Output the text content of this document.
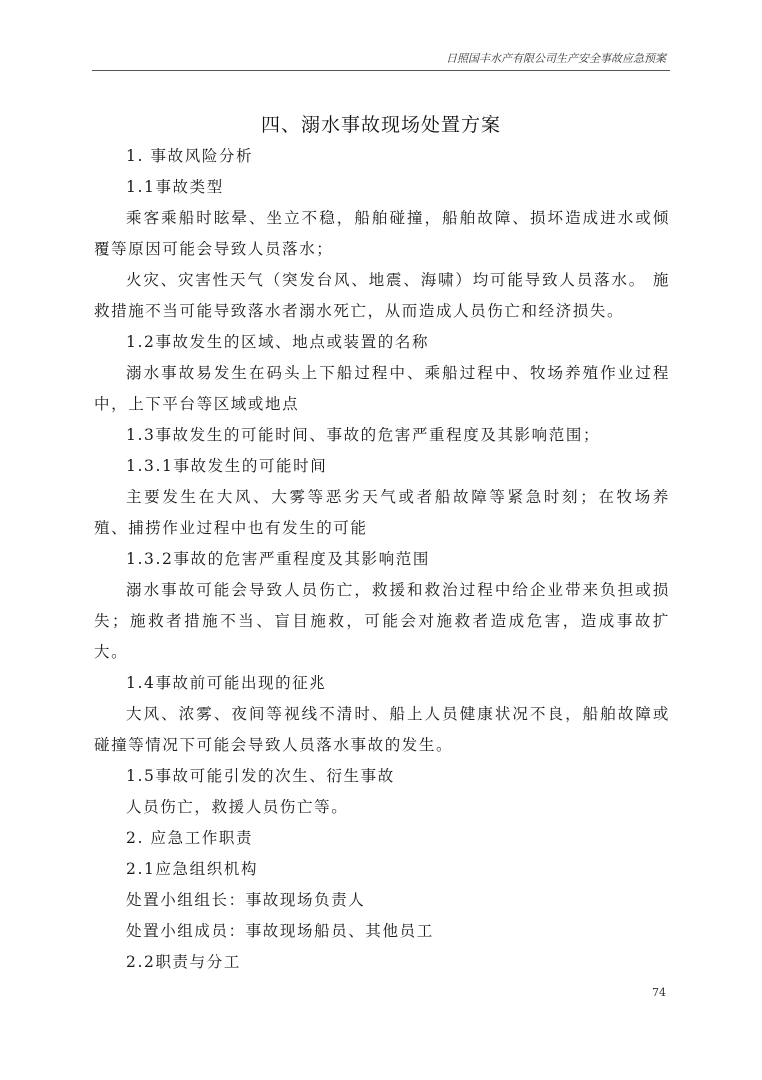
日照国丰水产有限公司生产安全事故应急预案
四、溺水事故现场处置方案

1. 事故风险分析

1.1事故类型

乘客乘船时眩晕、坐立不稳，船舶碰撞，船舶故障、损坏造成进水或倾覆等原因可能会导致人员落水；

火灾、灾害性天气（突发台风、地震、海啸）均可能导致人员落水。 施救措施不当可能导致落水者溺水死亡，从而造成人员伤亡和经济损失。

1.2事故发生的区域、地点或装置的名称

溺水事故易发生在码头上下船过程中、乘船过程中、牧场养殖作业过程中，上下平台等区域或地点

1.3事故发生的可能时间、事故的危害严重程度及其影响范围；

1.3.1事故发生的可能时间

主要发生在大风、大雾等恶劣天气或者船故障等紧急时刻；在牧场养殖、捕捞作业过程中也有发生的可能

1.3.2事故的危害严重程度及其影响范围

溺水事故可能会导致人员伤亡，救援和救治过程中给企业带来负担或损失；施救者措施不当、盲目施救，可能会对施救者造成危害，造成事故扩大。

1.4事故前可能出现的征兆

大风、浓雾、夜间等视线不清时、船上人员健康状况不良，船舶故障或碰撞等情况下可能会导致人员落水事故的发生。

1.5事故可能引发的次生、衍生事故

人员伤亡，救援人员伤亡等。

2. 应急工作职责

2.1应急组织机构

处置小组组长：事故现场负责人

处置小组成员：事故现场船员、其他员工

2.2职责与分工

74
